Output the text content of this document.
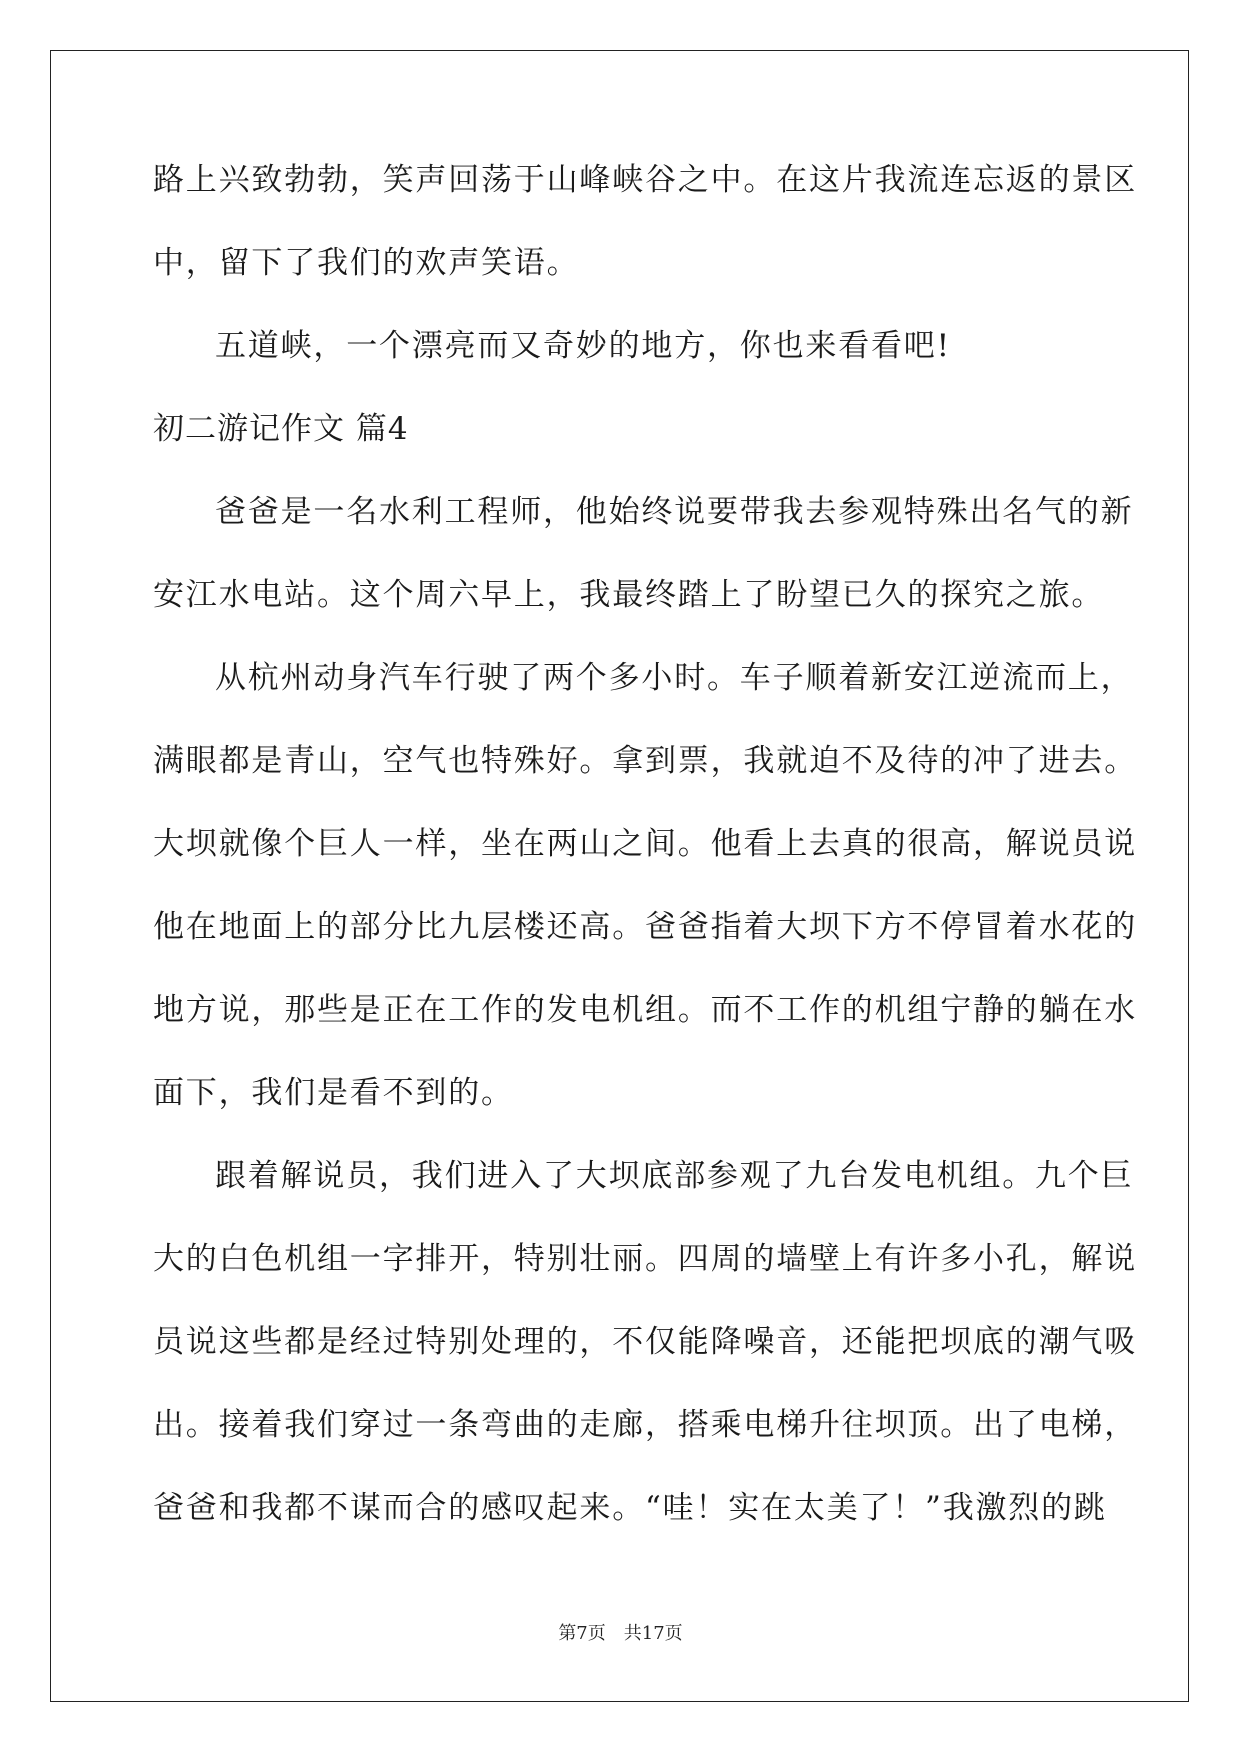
路上兴致勃勃，笑声回荡于山峰峡谷之中。在这片我流连忘返的景区
中，留下了我们的欢声笑语。
五道峡，一个漂亮而又奇妙的地方，你也来看看吧!
初二游记作文 篇4
爸爸是一名水利工程师，他始终说要带我去参观特殊出名气的新
安江水电站。这个周六早上，我最终踏上了盼望已久的探究之旅。
从杭州动身汽车行驶了两个多小时。车子顺着新安江逆流而上，
满眼都是青山，空气也特殊好。拿到票，我就迫不及待的冲了进去。
大坝就像个巨人一样，坐在两山之间。他看上去真的很高，解说员说
他在地面上的部分比九层楼还高。爸爸指着大坝下方不停冒着水花的
地方说，那些是正在工作的发电机组。而不工作的机组宁静的躺在水
面下，我们是看不到的。
跟着解说员，我们进入了大坝底部参观了九台发电机组。九个巨
大的白色机组一字排开，特别壮丽。四周的墙壁上有许多小孔，解说
员说这些都是经过特别处理的，不仅能降噪音，还能把坝底的潮气吸
出。接着我们穿过一条弯曲的走廊，搭乘电梯升往坝顶。出了电梯，
爸爸和我都不谋而合的感叹起来。“哇！实在太美了！”我激烈的跳
第7页　共17页
